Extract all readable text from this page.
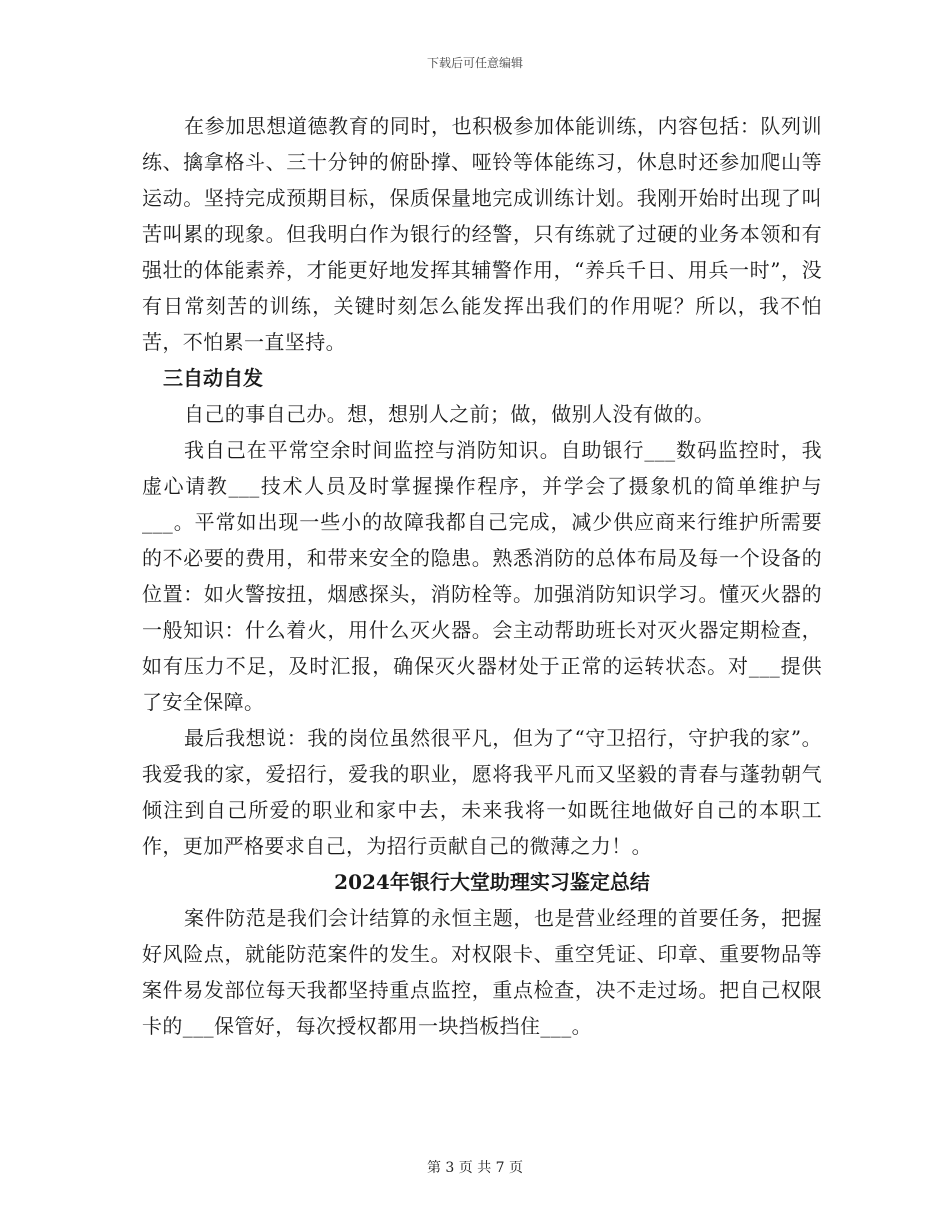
下载后可任意编辑

在参加思想道德教育的同时，也积极参加体能训练，内容包括：队列训练、擒拿格斗、三十分钟的俯卧撑、哑铃等体能练习，休息时还参加爬山等运动。坚持完成预期目标，保质保量地完成训练计划。我刚开始时出现了叫苦叫累的现象。但我明白作为银行的经警，只有练就了过硬的业务本领和有强壮的体能素养，才能更好地发挥其辅警作用，“养兵千日、用兵一时”，没有日常刻苦的训练，关键时刻怎么能发挥出我们的作用呢？所以，我不怕苦，不怕累一直坚持。

三自动自发

自己的事自己办。想，想别人之前；做，做别人没有做的。

我自己在平常空余时间监控与消防知识。自助银行___数码监控时，我虚心请教___技术人员及时掌握操作程序，并学会了摄象机的简单维护与___。平常如出现一些小的故障我都自己完成，减少供应商来行维护所需要的不必要的费用，和带来安全的隐患。熟悉消防的总体布局及每一个设备的位置：如火警按扭，烟感探头，消防栓等。加强消防知识学习。懂灭火器的一般知识：什么着火，用什么灭火器。会主动帮助班长对灭火器定期检查，如有压力不足，及时汇报，确保灭火器材处于正常的运转状态。对___提供了安全保障。

最后我想说：我的岗位虽然很平凡，但为了“守卫招行，守护我的家”。我爱我的家，爱招行，爱我的职业，愿将我平凡而又坚毅的青春与蓬勃朝气倾注到自己所爱的职业和家中去，未来我将一如既往地做好自己的本职工作，更加严格要求自己，为招行贡献自己的微薄之力！。

2024年银行大堂助理实习鉴定总结

案件防范是我们会计结算的永恒主题，也是营业经理的首要任务，把握好风险点，就能防范案件的发生。对权限卡、重空凭证、印章、重要物品等案件易发部位每天我都坚持重点监控，重点检查，决不走过场。把自己权限卡的___保管好，每次授权都用一块挡板挡住___。

第 3 页 共 7 页
